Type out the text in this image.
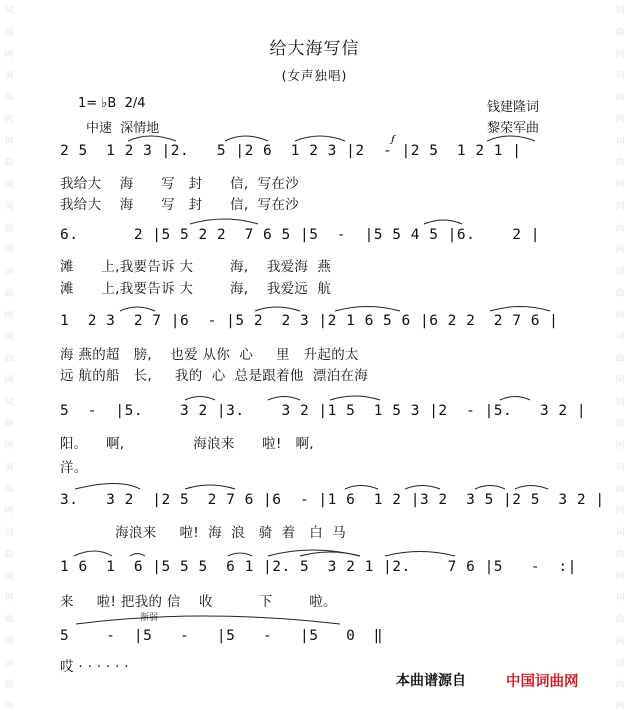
词
曲
网
词
曲
网
词
曲
网
词
曲
网
词
曲
网
词
曲
网
词
曲
网
词
曲
网
词
曲
网
词
曲
网
词
曲
网
词
曲
网
词
曲
网
词
曲
网
词
曲
网
词
曲
网
词
曲
网
词
曲
网
词
曲
网
词
曲
网
词
曲
网
词
曲
网
给大海写信
(女声独唱)
1= ♭B  2/4
中速  深情地
钱建隆词
黎荣军曲
2 5  1 2 3 |2.   5 |2 6  1 2 3 |2  - |2 5  1 2 1 |
我给大    海      写   封      信,  写在沙
我给大    海      写   封      信,  写在沙
6.      2 |5 5 2 2  7 6 5 |5  -  |5 5 4 5 |6.    2 |
滩      上,我要告诉 大        海,    我爱海  燕
滩      上,我要告诉 大        海,    我爱远  航
1  2 3  2 7 |6  - |5 2  2 3 |2 1 6 5 6 |6 2 2  2 7 6 |
海 燕的超   膀,    也爱 从你  心     里   升起的太
远 航的船   长,     我的  心  总是跟着他  漂泊在海
5  -  |5.    3 2 |3.    3 2 |1 5  1 5 3 |2  - |5.   3 2 |
阳。    啊,               海浪来      啦!   啊,
洋。
3.   3 2  |2 5  2 7 6 |6  - |1 6  1 2 |3 2  3 5 |2 5  3 2 |
海浪来     啦!  海  浪   骑  着   白  马
1 6  1  6 |5 5 5  6 1 |2. 5  3 2 1 |2.    7 6 |5   -  :|
来     啦! 把我的 信    收          下        啦。
渐弱
5    -  |5   -   |5   -   |5   0  ‖
哎 · · · · · ·
𝆑
本曲谱源自	中国词曲网
